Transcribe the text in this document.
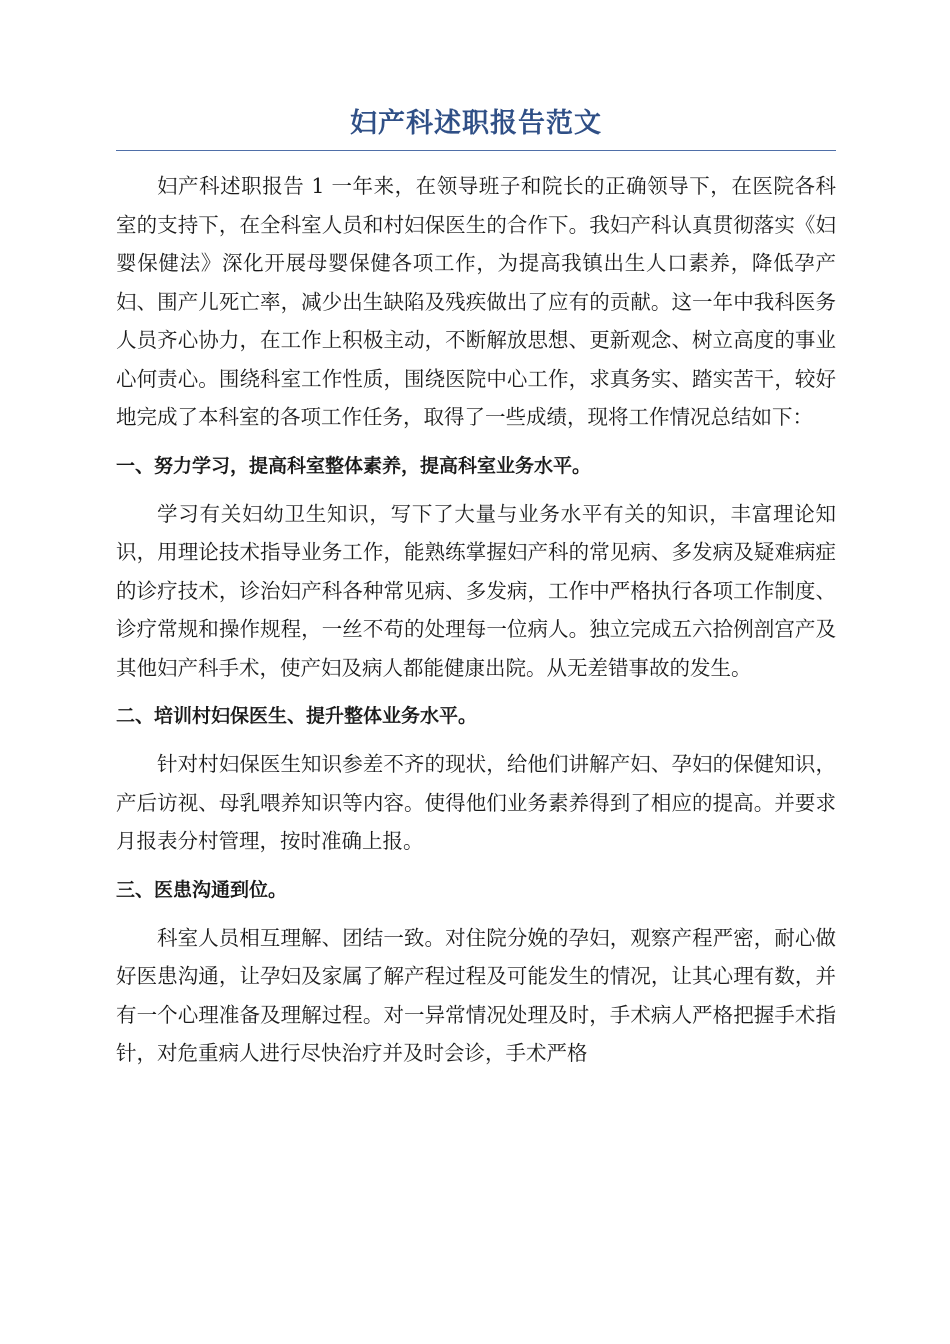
妇产科述职报告范文

妇产科述职报告 1 一年来，在领导班子和院长的正确领导下，在医院各科室的支持下，在全科室人员和村妇保医生的合作下。我妇产科认真贯彻落实《妇婴保健法》深化开展母婴保健各项工作，为提高我镇出生人口素养，降低孕产妇、围产儿死亡率，减少出生缺陷及残疾做出了应有的贡献。这一年中我科医务人员齐心协力，在工作上积极主动，不断解放思想、更新观念、树立高度的事业心何责心。围绕科室工作性质，围绕医院中心工作，求真务实、踏实苦干，较好地完成了本科室的各项工作任务，取得了一些成绩，现将工作情况总结如下：

一、努力学习，提高科室整体素养，提高科室业务水平。

学习有关妇幼卫生知识，写下了大量与业务水平有关的知识，丰富理论知识，用理论技术指导业务工作，能熟练掌握妇产科的常见病、多发病及疑难病症的诊疗技术，诊治妇产科各种常见病、多发病，工作中严格执行各项工作制度、诊疗常规和操作规程，一丝不苟的处理每一位病人。独立完成五六拾例剖宫产及其他妇产科手术，使产妇及病人都能健康出院。从无差错事故的发生。

二、培训村妇保医生、提升整体业务水平。

针对村妇保医生知识参差不齐的现状，给他们讲解产妇、孕妇的保健知识，产后访视、母乳喂养知识等内容。使得他们业务素养得到了相应的提高。并要求月报表分村管理，按时准确上报。

三、医患沟通到位。

科室人员相互理解、团结一致。对住院分娩的孕妇，观察产程严密，耐心做好医患沟通，让孕妇及家属了解产程过程及可能发生的情况，让其心理有数，并有一个心理准备及理解过程。对一异常情况处理及时，手术病人严格把握手术指针，对危重病人进行尽快治疗并及时会诊，手术严格
